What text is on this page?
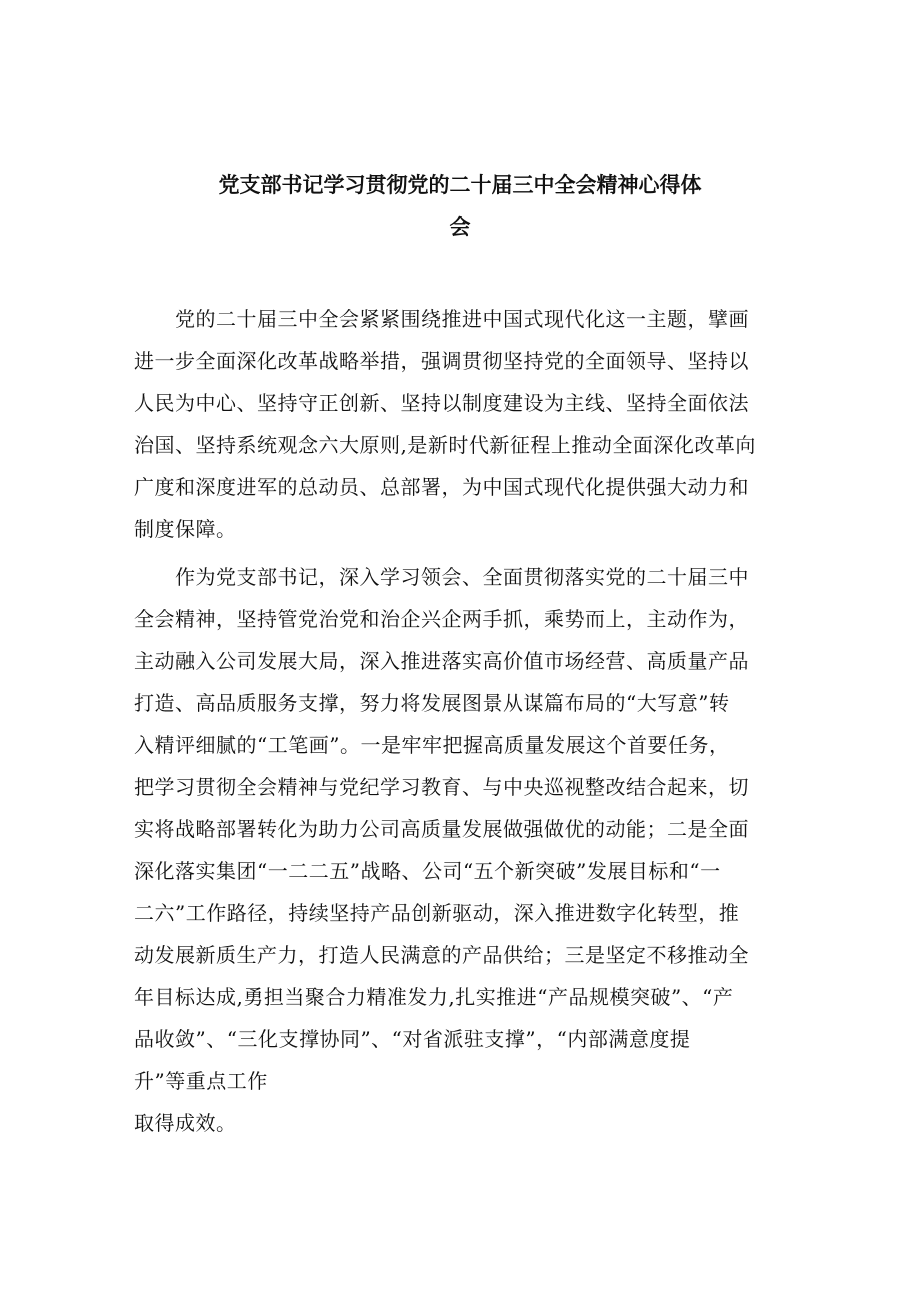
党支部书记学习贯彻党的二十届三中全会精神心得体
会
　　党的二十届三中全会紧紧围绕推进中国式现代化这一主题，擘画
进一步全面深化改革战略举措，强调贯彻坚持党的全面领导、坚持以
人民为中心、坚持守正创新、坚持以制度建设为主线、坚持全面依法
治国、坚持系统观念六大原则,是新时代新征程上推动全面深化改革向
广度和深度进军的总动员、总部署，为中国式现代化提供强大动力和
制度保障。
　　作为党支部书记，深入学习领会、全面贯彻落实党的二十届三中
全会精神，坚持管党治党和治企兴企两手抓，乘势而上，主动作为，
主动融入公司发展大局，深入推进落实高价值市场经营、高质量产品
打造、高品质服务支撑，努力将发展图景从谋篇布局的“大写意”转
入精评细腻的“工笔画”。一是牢牢把握高质量发展这个首要任务，
把学习贯彻全会精神与党纪学习教育、与中央巡视整改结合起来，切
实将战略部署转化为助力公司高质量发展做强做优的动能；二是全面
深化落实集团“一二二五”战略、公司“五个新突破”发展目标和“一
二六”工作路径，持续坚持产品创新驱动，深入推进数字化转型，推
动发展新质生产力，打造人民满意的产品供给；三是坚定不移推动全
年目标达成,勇担当聚合力精准发力,扎实推进“产品规模突破”、“产
品收敛”、“三化支撑协同”、“对省派驻支撑”，“内部满意度提
升”等重点工作
取得成效。
